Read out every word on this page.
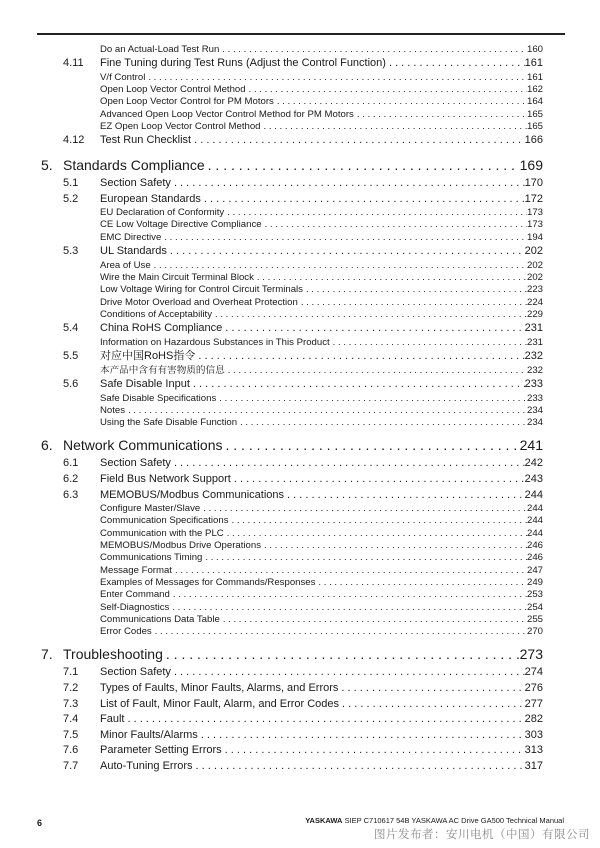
Do an Actual-Load Test Run . . .	160
4.11 Fine Tuning during Test Runs (Adjust the Control Function) . . .	161
V/f Control . . .	161
Open Loop Vector Control Method . . .	162
Open Loop Vector Control for PM Motors . . .	164
Advanced Open Loop Vector Control Method for PM Motors . . .	165
EZ Open Loop Vector Control Method . . .	165
4.12 Test Run Checklist . . .	166
5. Standards Compliance . . .	169
5.1 Section Safety . . .	170
5.2 European Standards . . .	172
EU Declaration of Conformity . . .	173
CE Low Voltage Directive Compliance . . .	173
EMC Directive . . .	194
5.3 UL Standards . . .	202
Area of Use . . .	202
Wire the Main Circuit Terminal Block . . .	202
Low Voltage Wiring for Control Circuit Terminals . . .	223
Drive Motor Overload and Overheat Protection . . .	224
Conditions of Acceptability . . .	229
5.4 China RoHS Compliance . . .	231
Information on Hazardous Substances in This Product . . .	231
5.5 对应中国RoHS指令 . . .	232
本产品中含有有害物质的信息 . . .	232
5.6 Safe Disable Input . . .	233
Safe Disable Specifications . . .	233
Notes . . .	234
Using the Safe Disable Function . . .	234
6. Network Communications . . .	241
6.1 Section Safety . . .	242
6.2 Field Bus Network Support . . .	243
6.3 MEMOBUS/Modbus Communications . . .	244
Configure Master/Slave . . .	244
Communication Specifications . . .	244
Communication with the PLC . . .	244
MEMOBUS/Modbus Drive Operations . . .	246
Communications Timing . . .	246
Message Format . . .	247
Examples of Messages for Commands/Responses . . .	249
Enter Command . . .	253
Self-Diagnostics . . .	254
Communications Data Table . . .	255
Error Codes . . .	270
7. Troubleshooting . . .	273
7.1 Section Safety . . .	274
7.2 Types of Faults, Minor Faults, Alarms, and Errors . . .	276
7.3 List of Fault, Minor Fault, Alarm, and Error Codes . . .	277
7.4 Fault . . .	282
7.5 Minor Faults/Alarms . . .	303
7.6 Parameter Setting Errors . . .	313
7.7 Auto-Tuning Errors . . .	317
6	YASKAWA SIEP C710617 54B YASKAWA AC Drive GA500 Technical Manual
图片发布者：安川电机（中国）有限公司
